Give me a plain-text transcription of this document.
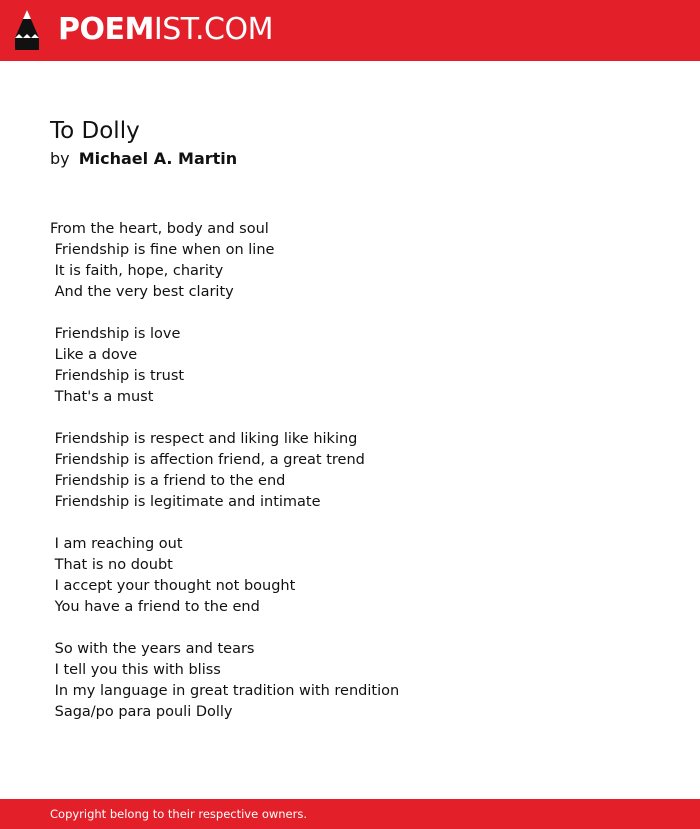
POEMIST.COM
To Dolly
by Michael A. Martin
From the heart, body and soul
Friendship is fine when on line
It is faith, hope, charity
And the very best clarity
Friendship is love
Like a dove
Friendship is trust
That's a must
Friendship is respect and liking like hiking
Friendship is affection friend, a great trend
Friendship is a friend to the end
Friendship is legitimate and intimate
I am reaching out
That is no doubt
I accept your thought not bought
You have a friend to the end
So with the years and tears
I tell you this with bliss
In my language in great tradition with rendition
Saga/po para pouli Dolly
Copyright belong to their respective owners.
